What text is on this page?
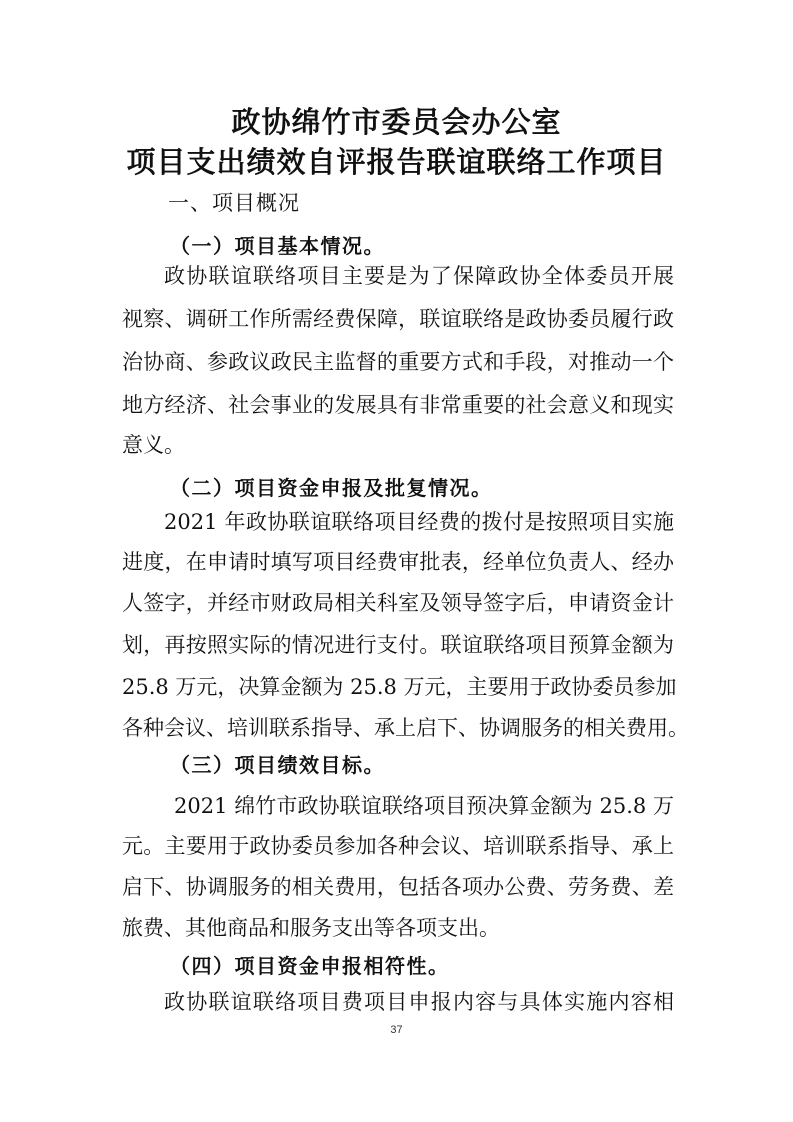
政协绵竹市委员会办公室
项目支出绩效自评报告联谊联络工作项目
一、项目概况
（一）项目基本情况。
政协联谊联络项目主要是为了保障政协全体委员开展
视察、调研工作所需经费保障，联谊联络是政协委员履行政
治协商、参政议政民主监督的重要方式和手段，对推动一个
地方经济、社会事业的发展具有非常重要的社会意义和现实
意义。
（二）项目资金申报及批复情况。
2021 年政协联谊联络项目经费的拨付是按照项目实施
进度，在申请时填写项目经费审批表，经单位负责人、经办
人签字，并经市财政局相关科室及领导签字后，申请资金计
划，再按照实际的情况进行支付。联谊联络项目预算金额为
25.8 万元，决算金额为 25.8 万元，主要用于政协委员参加
各种会议、培训联系指导、承上启下、协调服务的相关费用。
（三）项目绩效目标。
2021 绵竹市政协联谊联络项目预决算金额为 25.8 万
元。主要用于政协委员参加各种会议、培训联系指导、承上
启下、协调服务的相关费用，包括各项办公费、劳务费、差
旅费、其他商品和服务支出等各项支出。
（四）项目资金申报相符性。
政协联谊联络项目费项目申报内容与具体实施内容相
37
